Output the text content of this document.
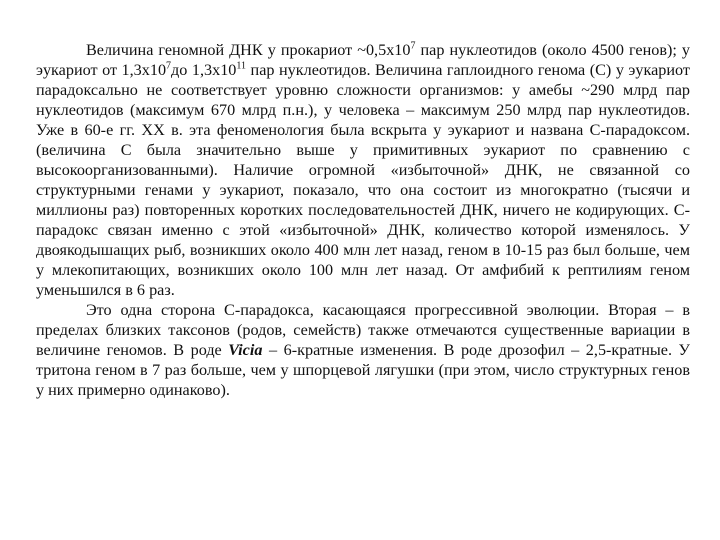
Величина геномной ДНК у прокариот $\sim 0,5x10^7$ пар нуклеотидов (около 4500 генов); у эукариот от $1,3x10^7до$ $1,3x10^{11}$ пар нуклеотидов. Величина гаплоидного генома (C) у эукариот парадоксально не соответствует уровню сложности организмов: у амебы ~290 млрд пар нуклеотидов (максимум 670 млрд п.н.), у человека – максимум 250 млрд пар нуклеотидов. Уже в 60-е гг. XX в. эта феноменология была вскрыта у эукариот и названа C-парадоксом. (величина C была значительно выше у примитивных эукариот по сравнению с высокоорганизованными). Наличие огромной «избыточной» ДНК, не связанной со структурными генами у эукариот, показало, что она состоит из многократно (тысячи и миллионы раз) повторенных коротких последовательностей ДНК, ничего не кодирующих. C-парадокс связан именно с этой «избыточной» ДНК, количество которой изменялось. У двоякодышащих рыб, возникших около 400 млн лет назад, геном в 10-15 раз был больше, чем у млекопитающих, возникших около 100 млн лет назад. От амфибий к рептилиям геном уменьшился в 6 раз.

Это одна сторона C-парадокса, касающаяся прогрессивной эволюции. Вторая – в пределах близких таксонов (родов, семейств) также отмечаются существенные вариации в величине геномов. В роде Vicia – 6-кратные изменения. В роде дрозофил – 2,5-кратные. У тритона геном в 7 раз больше, чем у шпорцевой лягушки (при этом, число структурных генов у них примерно одинаково).
